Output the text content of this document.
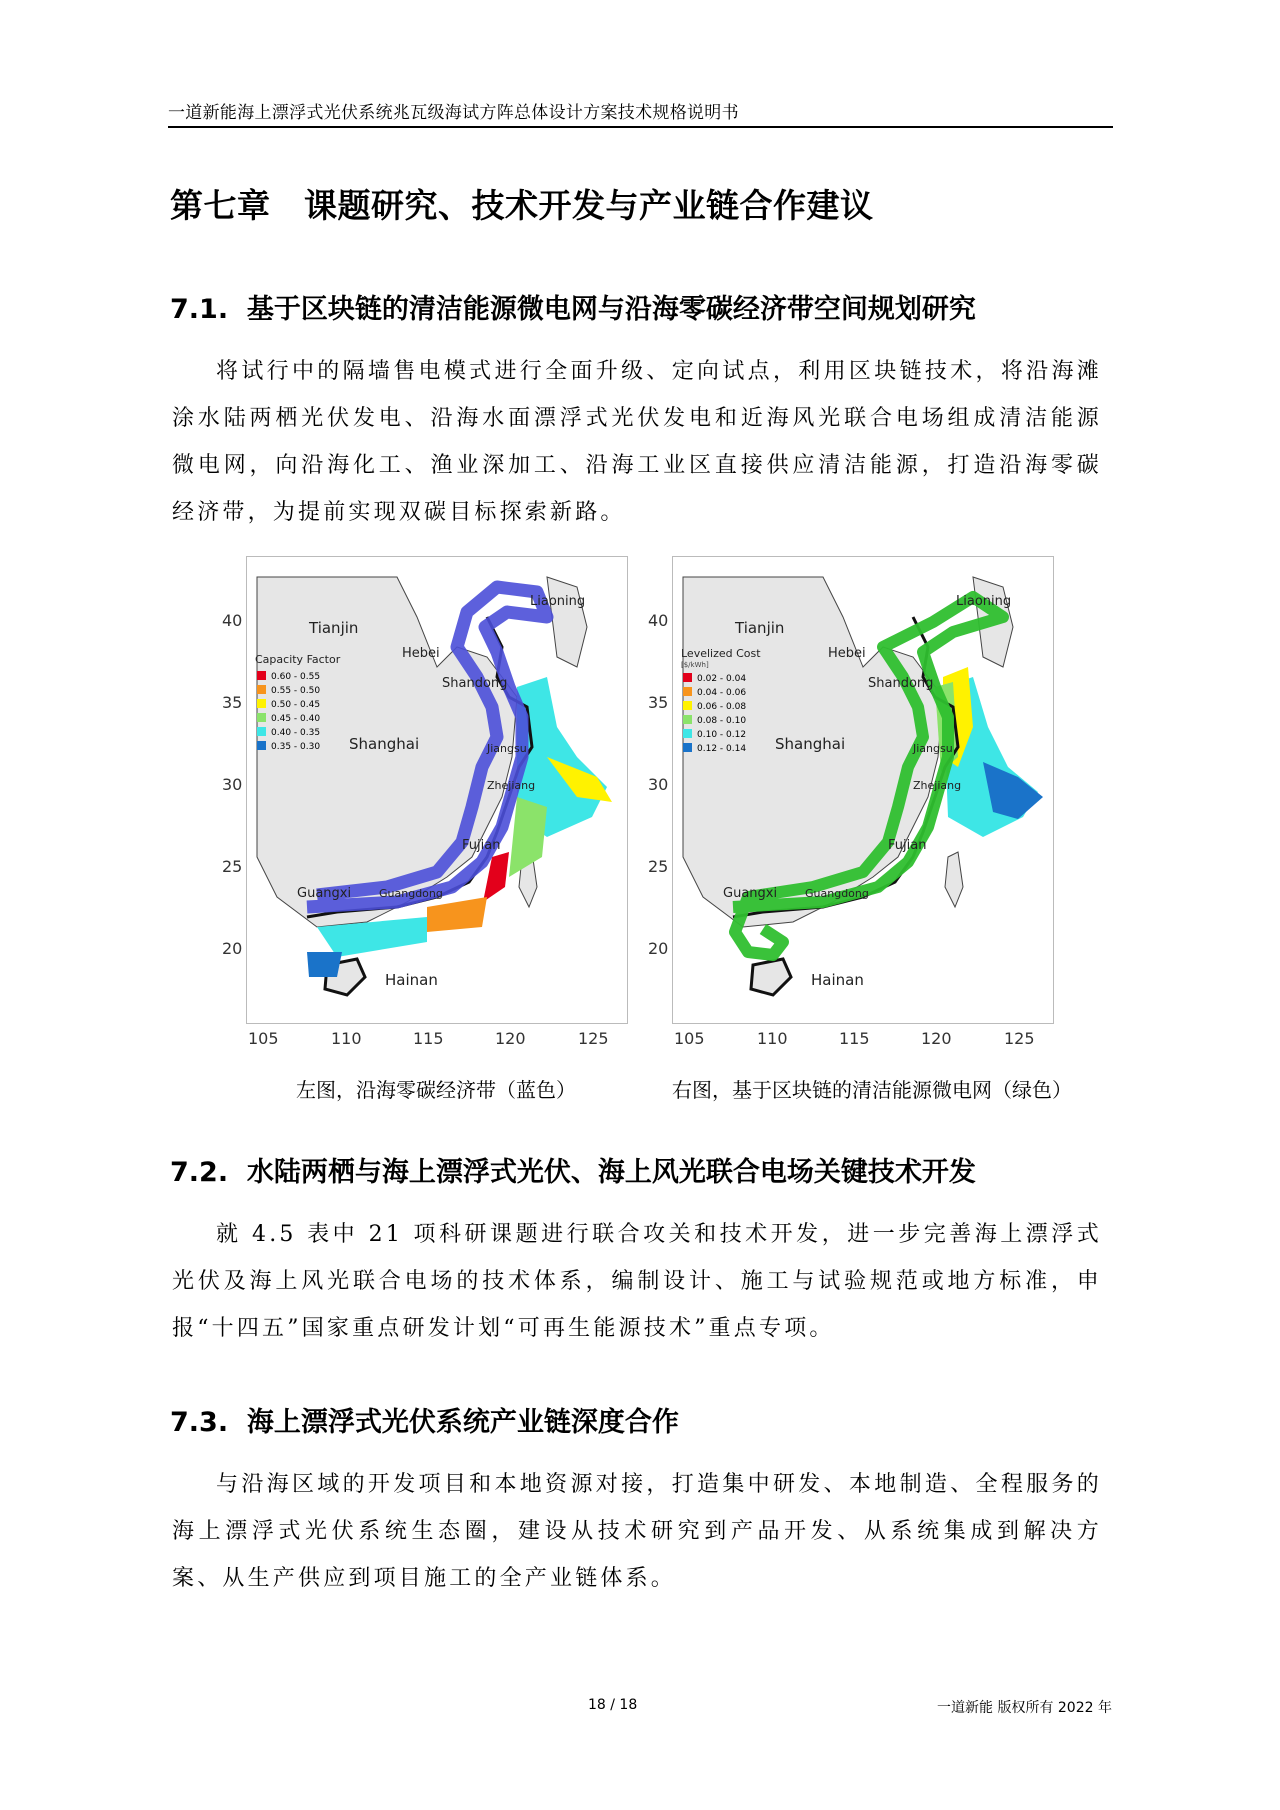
一道新能海上漂浮式光伏系统兆瓦级海试方阵总体设计方案技术规格说明书
第七章　课题研究、技术开发与产业链合作建议
7.1. 基于区块链的清洁能源微电网与沿海零碳经济带空间规划研究

将试行中的隔墙售电模式进行全面升级、定向试点，利用区块链技术，将沿海滩涂水陆两栖光伏发电、沿海水面漂浮式光伏发电和近海风光联合电场组成清洁能源微电网，向沿海化工、渔业深加工、沿海工业区直接供应清洁能源，打造沿海零碳经济带，为提前实现双碳目标探索新路。

Tianjin
Hebei
Liaoning
Shandong
Shanghai	Jiangsu
Zhejiang
Fujian
Guangxi	Guangdong
Hainan
Capacity Factor
0.60 - 0.55
0.55 - 0.50
0.50 - 0.45
0.45 - 0.40
0.40 - 0.35
0.35 - 0.30
40
35
30
25
20
105	110	115	120	125
Tianjin
Hebei
Liaoning
Shandong
Shanghai	Jiangsu
Zhejiang
Fujian
Guangxi	Guangdong
Hainan
Levelized Cost
[$/kWh]
0.02 - 0.04
0.04 - 0.06
0.06 - 0.08
0.08 - 0.10
0.10 - 0.12
0.12 - 0.14
40
35
30
25
20
105	110	115	120	125
左图，沿海零碳经济带（蓝色）	右图，基于区块链的清洁能源微电网（绿色）
7.2. 水陆两栖与海上漂浮式光伏、海上风光联合电场关键技术开发

就 4.5 表中 21 项科研课题进行联合攻关和技术开发，进一步完善海上漂浮式光伏及海上风光联合电场的技术体系，编制设计、施工与试验规范或地方标准，申报“十四五”国家重点研发计划“可再生能源技术”重点专项。

7.3. 海上漂浮式光伏系统产业链深度合作

与沿海区域的开发项目和本地资源对接，打造集中研发、本地制造、全程服务的海上漂浮式光伏系统生态圈，建设从技术研究到产品开发、从系统集成到解决方案、从生产供应到项目施工的全产业链体系。

18 / 18	一道新能 版权所有 2022 年
